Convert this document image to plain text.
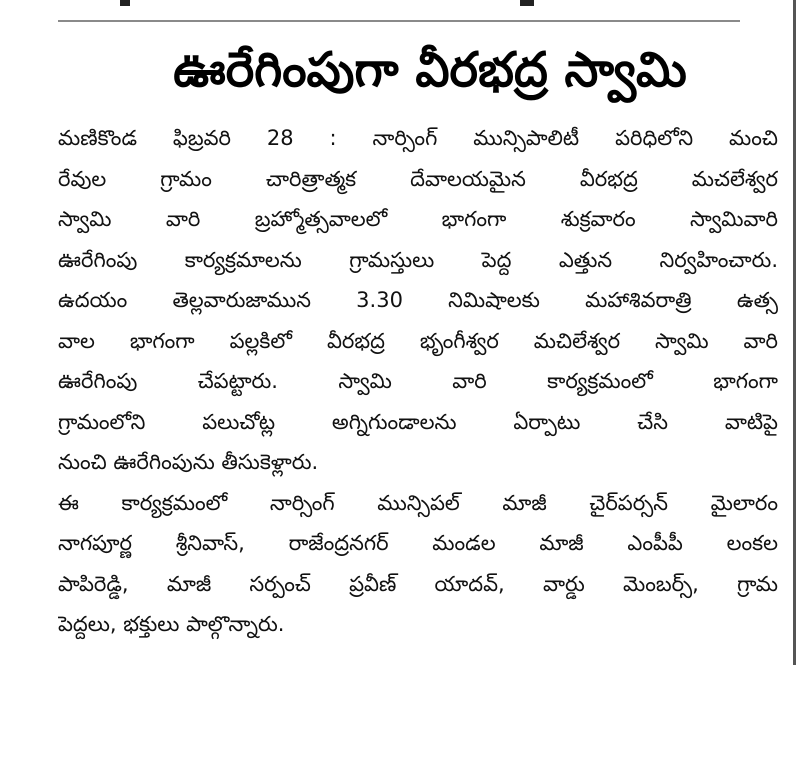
ఊరేగింపుగా వీరభద్ర స్వామి
మణికొండ ఫిబ్రవరి 28 : నార్సింగ్ మున్సిపాలిటీ పరిధిలోని మంచి
రేవుల గ్రామం చారిత్రాత్మక దేవాలయమైన వీరభద్ర మచలేశ్వర
స్వామి వారి బ్రహ్మోత్సవాలలో భాగంగా శుక్రవారం స్వామివారి
ఊరేగింపు కార్యక్రమాలను గ్రామస్తులు పెద్ద ఎత్తున నిర్వహించారు.
ఉదయం తెల్లవారుజామున 3.30 నిమిషాలకు మహాశివరాత్రి ఉత్స
వాల భాగంగా పల్లకిలో వీరభద్ర భృంగీశ్వర మచిలేశ్వర స్వామి వారి
ఊరేగింపు చేపట్టారు. స్వామి వారి కార్యక్రమంలో భాగంగా
గ్రామంలోని పలుచోట్ల అగ్నిగుండాలను ఏర్పాటు చేసి వాటిపై
నుంచి ఊరేగింపును తీసుకెళ్లారు.
ఈ కార్యక్రమంలో నార్సింగ్ మున్సిపల్ మాజీ చైర్‌పర్సన్ మైలారం
నాగపూర్ణ శ్రీనివాస్, రాజేంద్రనగర్ మండల మాజీ ఎంపీపీ లంకల
పాపిరెడ్డి, మాజీ సర్పంచ్ ప్రవీణ్ యాదవ్, వార్డు మెంబర్స్, గ్రామ
పెద్దలు, భక్తులు పాల్గొన్నారు.
